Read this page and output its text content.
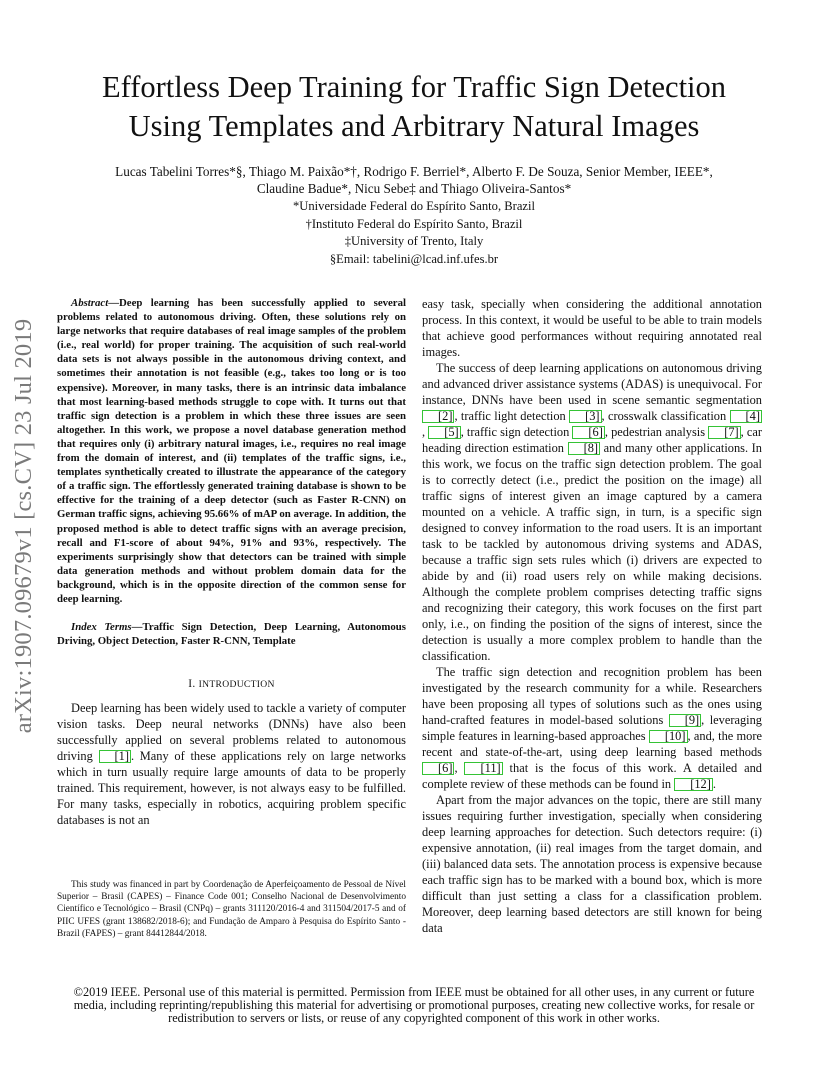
Effortless Deep Training for Traffic Sign Detection
Using Templates and Arbitrary Natural Images
Lucas Tabelini Torres*§, Thiago M. Paixão*†, Rodrigo F. Berriel*, Alberto F. De Souza, Senior Member, IEEE*,
Claudine Badue*, Nicu Sebe‡ and Thiago Oliveira-Santos*
*Universidade Federal do Espírito Santo, Brazil
†Instituto Federal do Espírito Santo, Brazil
‡University of Trento, Italy
§Email: tabelini@lcad.inf.ufes.br
arXiv:1907.09679v1 [cs.CV] 23 Jul 2019

Abstract—Deep learning has been successfully applied to several problems related to autonomous driving. Often, these solutions rely on large networks that require databases of real image samples of the problem (i.e., real world) for proper training. The acquisition of such real-world data sets is not always possible in the autonomous driving context, and sometimes their annotation is not feasible (e.g., takes too long or is too expensive). Moreover, in many tasks, there is an intrinsic data imbalance that most learning-based methods struggle to cope with. It turns out that traffic sign detection is a problem in which these three issues are seen altogether. In this work, we propose a novel database generation method that requires only (i) arbitrary natural images, i.e., requires no real image from the domain of interest, and (ii) templates of the traffic signs, i.e., templates synthetically created to illustrate the appearance of the category of a traffic sign. The effortlessly generated training database is shown to be effective for the training of a deep detector (such as Faster R-CNN) on German traffic signs, achieving 95.66% of mAP on average. In addition, the proposed method is able to detect traffic signs with an average precision, recall and F1-score of about 94%, 91% and 93%, respectively. The experiments surprisingly show that detectors can be trained with simple data generation methods and without problem domain data for the background, which is in the opposite direction of the common sense for deep learning.

Index Terms—Traffic Sign Detection, Deep Learning, Autonomous Driving, Object Detection, Faster R-CNN, Template

I. INTRODUCTION

Deep learning has been widely used to tackle a variety of computer vision tasks. Deep neural networks (DNNs) have also been successfully applied on several problems related to autonomous driving [1] . Many of these applications rely on large networks which in turn usually require large amounts of data to be properly trained. This requirement, however, is not always easy to be fulfilled. For many tasks, especially in robotics, acquiring problem specific databases is not an

This study was financed in part by Coordenação de Aperfeiçoamento de Pessoal de Nível Superior – Brasil (CAPES) – Finance Code 001; Conselho Nacional de Desenvolvimento Científico e Tecnológico – Brasil (CNPq) – grants 311120/2016-4 and 311504/2017-5 and of PIIC UFES (grant 138682/2018-6); and Fundação de Amparo à Pesquisa do Espírito Santo - Brazil (FAPES) – grant 84412844/2018.

easy task, specially when considering the additional annotation process. In this context, it would be useful to be able to train models that achieve good performances without requiring annotated real images.

The success of deep learning applications on autonomous driving and advanced driver assistance systems (ADAS) is unequivocal. For instance, DNNs have been used in scene semantic segmentation [2] , traffic light detection [3] , crosswalk classification [4], [5] , traffic sign detection [6] , pedestrian analysis [7] , car heading direction estimation [8] and many other applications. In this work, we focus on the traffic sign detection problem. The goal is to correctly detect (i.e., predict the position on the image) all traffic signs of interest given an image captured by a camera mounted on a vehicle. A traffic sign, in turn, is a specific sign designed to convey information to the road users. It is an important task to be tackled by autonomous driving systems and ADAS, because a traffic sign sets rules which (i) drivers are expected to abide by and (ii) road users rely on while making decisions. Although the complete problem comprises detecting traffic signs and recognizing their category, this work focuses on the first part only, i.e., on finding the position of the signs of interest, since the detection is usually a more complex problem to handle than the classification.

The traffic sign detection and recognition problem has been investigated by the research community for a while. Researchers have been proposing all types of solutions such as the ones using hand-crafted features in model-based solutions [9] , leveraging simple features in learning-based approaches [10] , and, the more recent and state-of-the-art, using deep learning based methods [6] , [11] that is the focus of this work. A detailed and complete review of these methods can be found in [12] .

Apart from the major advances on the topic, there are still many issues requiring further investigation, specially when considering deep learning approaches for detection. Such detectors require: (i) expensive annotation, (ii) real images from the target domain, and (iii) balanced data sets. The annotation process is expensive because each traffic sign has to be marked with a bound box, which is more difficult than just setting a class for a classification problem. Moreover, deep learning based detectors are still known for being data

©2019 IEEE. Personal use of this material is permitted. Permission from IEEE must be obtained for all other uses, in any current or future media, including reprinting/republishing this material for advertising or promotional purposes, creating new collective works, for resale or redistribution to servers or lists, or reuse of any copyrighted component of this work in other works.
